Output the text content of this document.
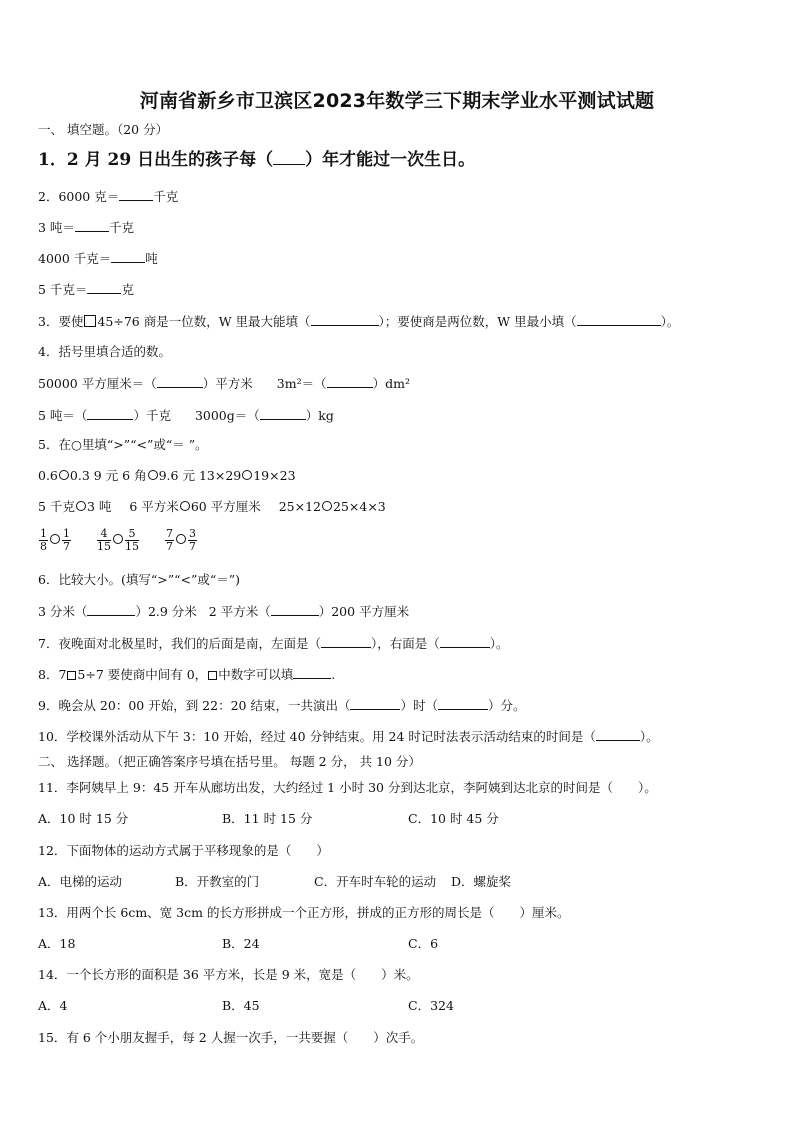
河南省新乡市卫滨区2023年数学三下期末学业水平测试试题
一、 填空题。（20 分）
1．2 月 29 日出生的孩子每（ ）年才能过一次生日。
2．6000 克＝	千克
3 吨＝	千克
4000 千克＝	吨
5 千克＝	克
3．要使 45÷76 商是一位数，W 里最大能填（	）；要使商是两位数，W 里最小填（	）。
4．括号里填合适的数。
50000 平方厘米＝（	）平方米 3m²＝（	）dm²
5 吨＝（	）千克 3000g＝（	）kg
5．在○里填“>”“<”或“＝ ”。
0.6 0.3 9 元 6 角 9.6 元 13×29 19×23
5 千克 3 吨 6 平方米 60 平方厘米 25×12 25×4×3
$\frac{1}{8} \frac{1}{7}$
$\frac{4}{15} \frac{5}{15}$
$\frac{7}{7} \frac{3}{7}$
6．比较大小。(填写“>”“<”或“＝”)
3 分米（	）2.9 分米 2 平方米（	）200 平方厘米
7．夜晚面对北极星时，我们的后面是南，左面是（	），右面是（	）。
8．7 5÷7 要使商中间有 0， 中数字可以填	.
9．晚会从 20：00 开始，到 22：20 结束，一共演出（	）时（	）分。
10．学校课外活动从下午 3：10 开始，经过 40 分钟结束。用 24 时记时法表示活动结束的时间是（	）。
二、 选择题。（把正确答案序号填在括号里。 每题 2 分， 共 10 分）
11．李阿姨早上 9：45 开车从廊坊出发，大约经过 1 小时 30 分到达北京，李阿姨到达北京的时间是（　　）。
A．10 时 15 分	B．11 时 15 分	C．10 时 45 分
12．下面物体的运动方式属于平移现象的是（　　）
A．电梯的运动	B．开教室的门	C．开车时车轮的运动 D．螺旋桨
13．用两个长 6cm、宽 3cm 的长方形拼成一个正方形，拼成的正方形的周长是（　　）厘米。
A．18	B．24	C．6
14．一个长方形的面积是 36 平方米，长是 9 米，宽是（　　）米。
A．4	B．45	C．324
15．有 6 个小朋友握手，每 2 人握一次手，一共要握（　　）次手。
